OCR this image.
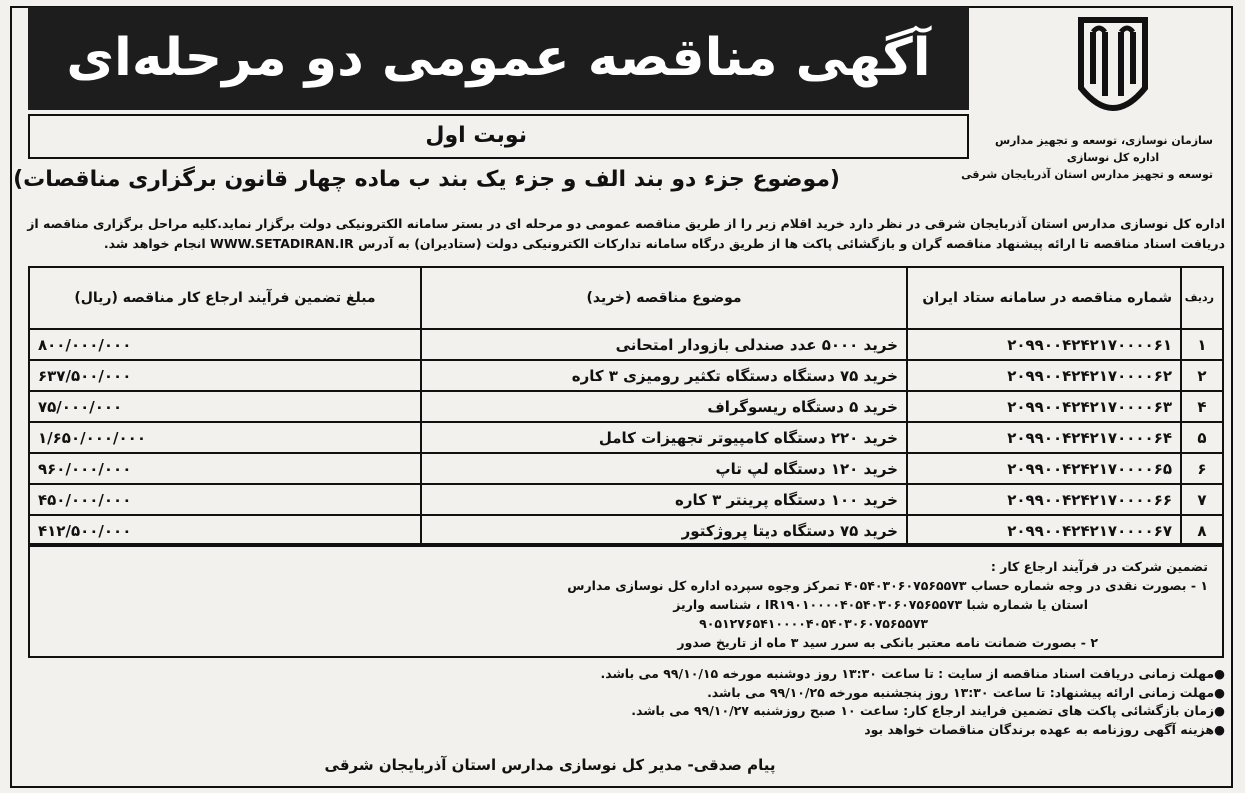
سازمان نوسازی، توسعه و تجهیز مدارس
اداره کل نوسازی
توسعه و تجهیز مدارس استان آذربایجان شرقی
آگهی مناقصه عمومی دو مرحله‌ای
نوبت اول
(موضوع جزء دو بند الف و جزء یک بند ب ماده چهار قانون برگزاری مناقصات)

اداره کل نوسازی مدارس استان آذربایجان شرقی در نظر دارد خرید اقلام زیر را از طریق مناقصه عمومی دو مرحله ای در بستر سامانه الکترونیکی دولت برگزار نماید.کلیه مراحل برگزاری مناقصه از

دریافت اسناد مناقصه تا ارائه پیشنهاد مناقصه گران و بازگشائی پاکت ها از طریق درگاه سامانه تدارکات الکترونیکی دولت (ستادیران) به آدرس WWW.SETADIRAN.IR انجام خواهد شد.

ردیف	شماره مناقصه در سامانه ستاد ایران	موضوع مناقصه (خرید)	مبلغ تضمین فرآیند ارجاع کار مناقصه (ریال)
۱	۲۰۹۹۰۰۴۲۴۲۱۷۰۰۰۰۶۱	خرید ۵۰۰۰ عدد صندلی بازودار امتحانی	۸۰۰/۰۰۰/۰۰۰
۲	۲۰۹۹۰۰۴۲۴۲۱۷۰۰۰۰۶۲	خرید ۷۵ دستگاه دستگاه تکثیر رومیزی ۳ کاره	۶۳۷/۵۰۰/۰۰۰
۴	۲۰۹۹۰۰۴۲۴۲۱۷۰۰۰۰۶۳	خرید ۵ دستگاه ریسوگراف	۷۵/۰۰۰/۰۰۰
۵	۲۰۹۹۰۰۴۲۴۲۱۷۰۰۰۰۶۴	خرید ۲۲۰ دستگاه کامپیوتر تجهیزات کامل	۱/۶۵۰/۰۰۰/۰۰۰
۶	۲۰۹۹۰۰۴۲۴۲۱۷۰۰۰۰۶۵	خرید ۱۲۰ دستگاه لپ تاپ	۹۶۰/۰۰۰/۰۰۰
۷	۲۰۹۹۰۰۴۲۴۲۱۷۰۰۰۰۶۶	خرید ۱۰۰ دستگاه پرینتر ۳ کاره	۴۵۰/۰۰۰/۰۰۰
۸	۲۰۹۹۰۰۴۲۴۲۱۷۰۰۰۰۶۷	خرید ۷۵ دستگاه دیتا پروژکتور	۴۱۲/۵۰۰/۰۰۰

تضمین شرکت در فرآیند ارجاع کار :

۱ - بصورت نقدی در وجه شماره حساب ۴۰۵۴۰۳۰۶۰۷۵۶۵۵۷۳ تمرکز وجوه سپرده اداره کل نوسازی مدارس

استان یا شماره شبا IR۱۹۰۱۰۰۰۰۴۰۵۴۰۳۰۶۰۷۵۶۵۵۷۳ ، شناسه واریز

۹۰۵۱۲۷۶۵۴۱۰۰۰۰۴۰۵۴۰۳۰۶۰۷۵۶۵۵۷۳

۲ - بصورت ضمانت نامه معتبر بانکی به سرر سید ۳ ماه از تاریخ صدور

●مهلت زمانی دریافت اسناد مناقصه از سایت : تا ساعت ۱۳:۳۰ روز دوشنبه مورخه ۹۹/۱۰/۱۵ می باشد.

●مهلت زمانی ارائه پیشنهاد: تا ساعت ۱۳:۳۰ روز پنجشنبه مورخه ۹۹/۱۰/۲۵ می باشد.

●زمان بازگشائی پاکت های تضمین فرایند ارجاع کار: ساعت ۱۰ صبح روزشنبه ۹۹/۱۰/۲۷ می باشد.

●هزینه آگهی روزنامه به عهده برندگان مناقصات خواهد بود

پیام صدقی- مدیر کل نوسازی مدارس استان آذربایجان شرقی
